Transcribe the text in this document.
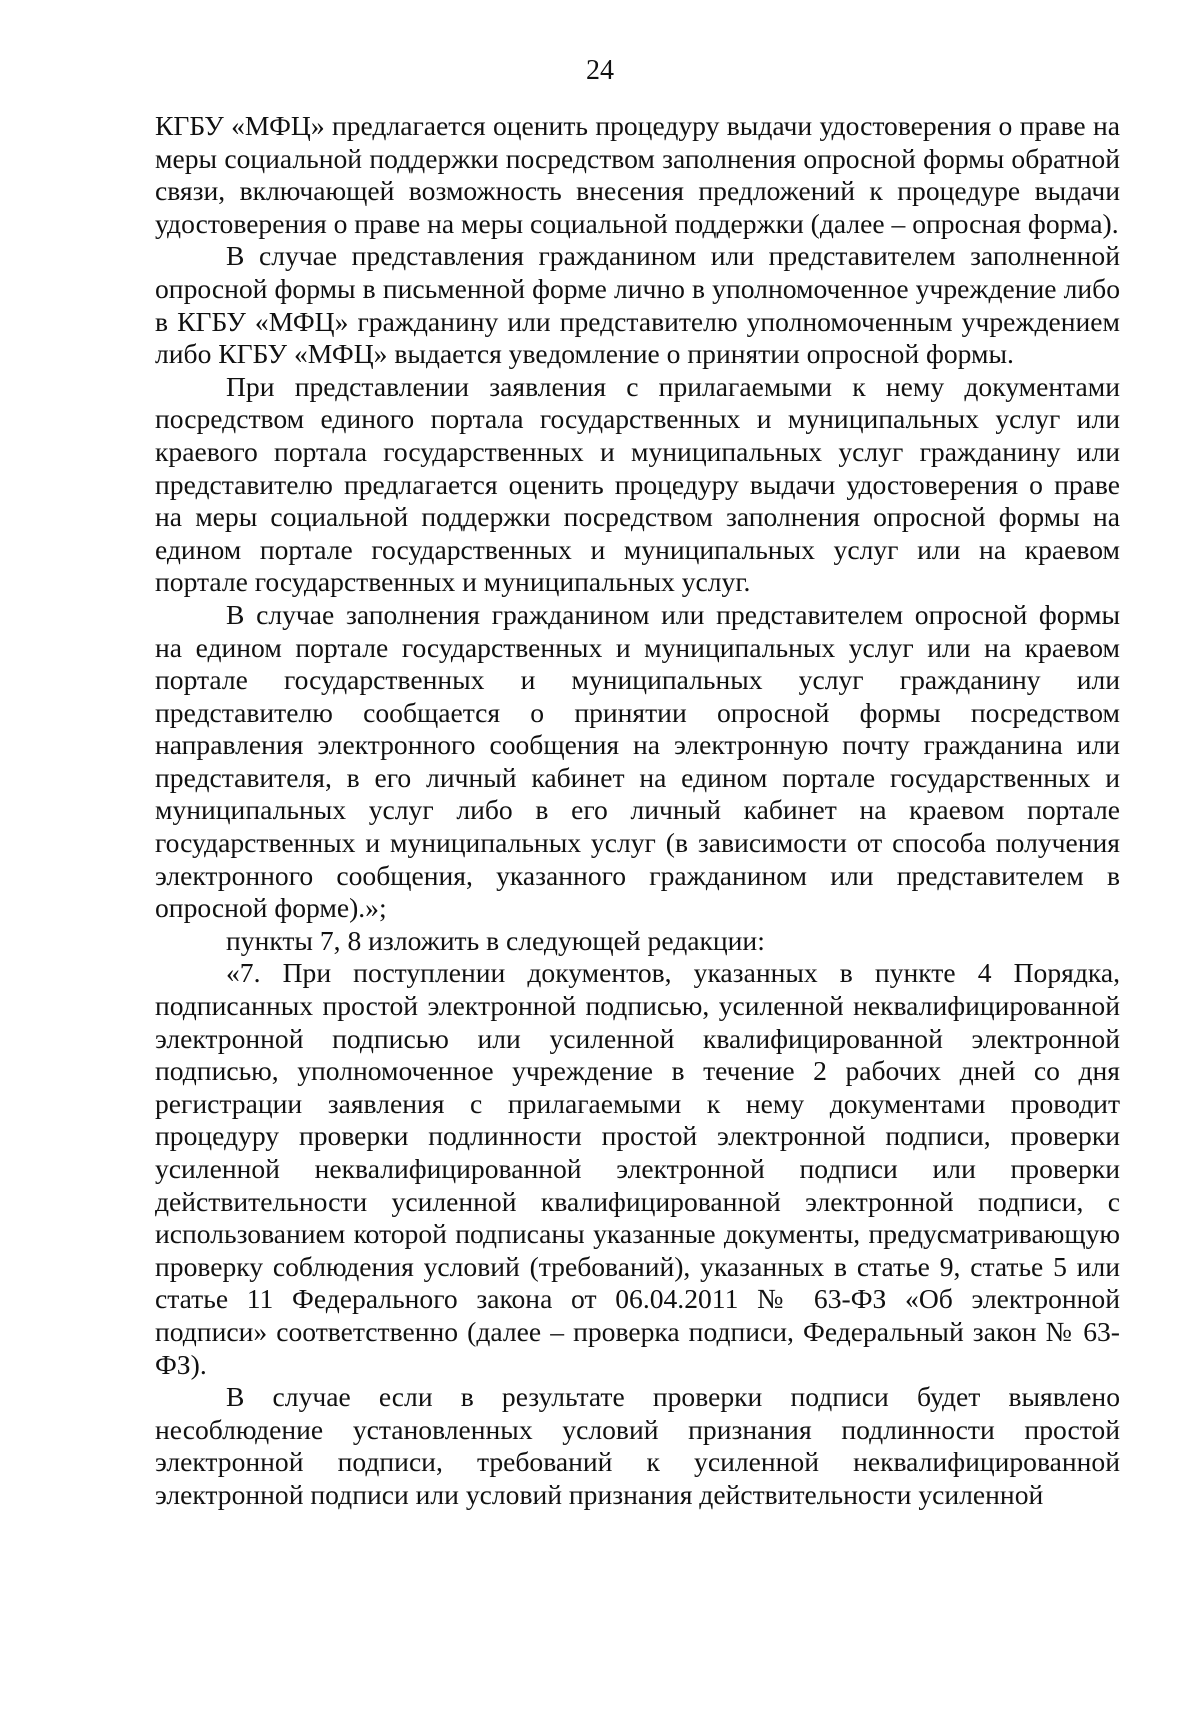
24

КГБУ «МФЦ» предлагается оценить процедуру выдачи удостоверения о праве на меры социальной поддержки посредством заполнения опросной формы обратной связи, включающей возможность внесения предложений к процедуре выдачи удостоверения о праве на меры социальной поддержки (далее – опросная форма).

В случае представления гражданином или представителем заполненной опросной формы в письменной форме лично в уполномоченное учреждение либо в КГБУ «МФЦ» гражданину или представителю уполномоченным учреждением либо КГБУ «МФЦ» выдается уведомление о принятии опросной формы.

При представлении заявления с прилагаемыми к нему документами посредством единого портала государственных и муниципальных услуг или краевого портала государственных и муниципальных услуг гражданину или представителю предлагается оценить процедуру выдачи удостоверения о праве на меры социальной поддержки посредством заполнения опросной формы на едином портале государственных и муниципальных услуг или на краевом портале государственных и муниципальных услуг.

В случае заполнения гражданином или представителем опросной формы на едином портале государственных и муниципальных услуг или на краевом портале государственных и муниципальных услуг гражданину или представителю сообщается о принятии опросной формы посредством направления электронного сообщения на электронную почту гражданина или представителя, в его личный кабинет на едином портале государственных и муниципальных услуг либо в его личный кабинет на краевом портале государственных и муниципальных услуг (в зависимости от способа получения электронного сообщения, указанного гражданином или представителем в опросной форме).»;

пункты 7, 8 изложить в следующей редакции:

«7. При поступлении документов, указанных в пункте 4 Порядка, подписанных простой электронной подписью, усиленной неквалифицированной электронной подписью или усиленной квалифицированной электронной подписью, уполномоченное учреждение в течение 2 рабочих дней со дня регистрации заявления с прилагаемыми к нему документами проводит процедуру проверки подлинности простой электронной подписи, проверки усиленной неквалифицированной электронной подписи или проверки действительности усиленной квалифицированной электронной подписи, с использованием которой подписаны указанные документы, предусматривающую проверку соблюдения условий (требований), указанных в статье 9, статье 5 или статье 11 Федерального закона от 06.04.2011 № 63-ФЗ «Об электронной подписи» соответственно (далее – проверка подписи, Федеральный закон № 63-ФЗ).

В случае если в результате проверки подписи будет выявлено несоблюдение установленных условий признания подлинности простой электронной подписи, требований к усиленной неквалифицированной электронной подписи или условий признания действительности усиленной
